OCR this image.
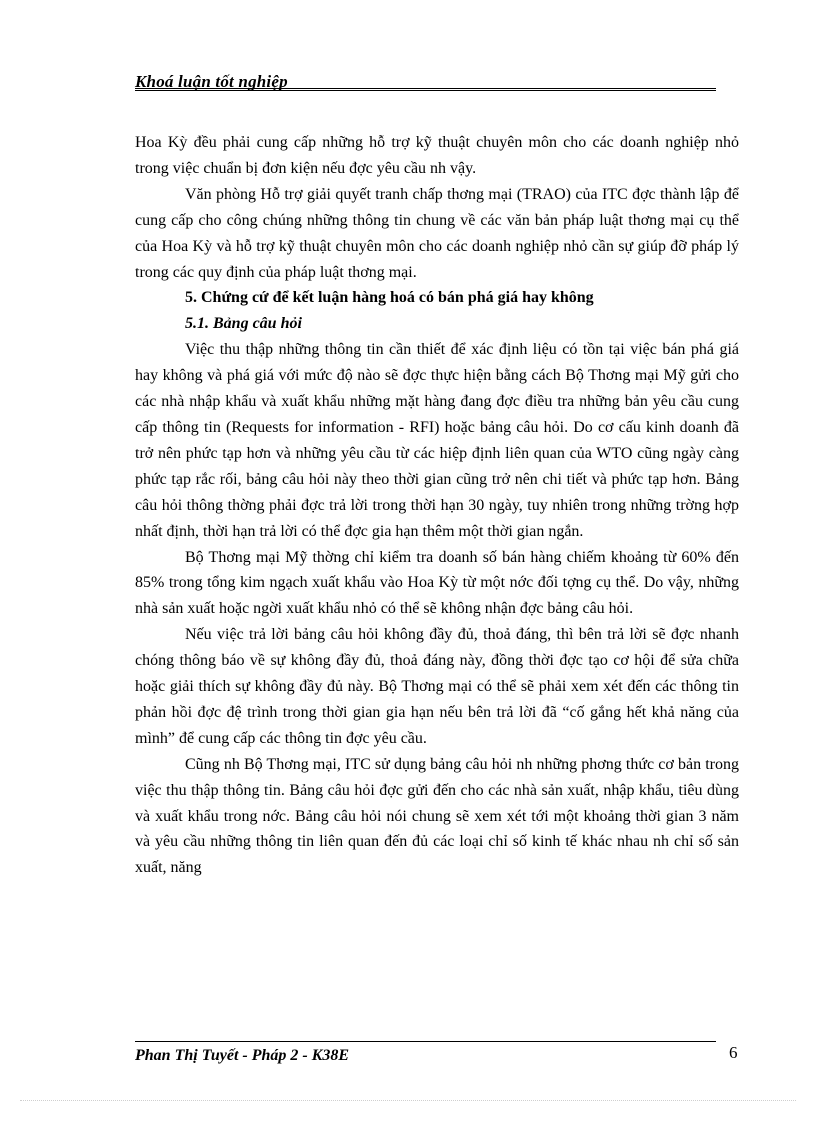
Khoá luận tốt nghiệp

Hoa Kỳ đều phải cung cấp những hỗ trợ kỹ thuật chuyên môn cho các doanh nghiệp nhỏ trong việc chuẩn bị đơn kiện nếu đợc yêu cầu nh vậy.

Văn phòng Hỗ trợ giải quyết tranh chấp thơng mại (TRAO) của ITC đợc thành lập để cung cấp cho công chúng những thông tin chung về các văn bản pháp luật thơng mại cụ thể của Hoa Kỳ và hỗ trợ kỹ thuật chuyên môn cho các doanh nghiệp nhỏ cần sự giúp đỡ pháp lý trong các quy định của pháp luật thơng mại.

5. Chứng cứ để kết luận hàng hoá có bán phá giá hay không

5.1. Bảng câu hỏi

Việc thu thập những thông tin cần thiết để xác định liệu có tồn tại việc bán phá giá hay không và phá giá với mức độ nào sẽ đợc thực hiện bằng cách Bộ Thơng mại Mỹ gửi cho các nhà nhập khẩu và xuất khẩu những mặt hàng đang đợc điều tra những bản yêu cầu cung cấp thông tin (Requests for information - RFI) hoặc bảng câu hỏi. Do cơ cấu kinh doanh đã trở nên phức tạp hơn và những yêu cầu từ các hiệp định liên quan của WTO cũng ngày càng phức tạp rắc rối, bảng câu hỏi này theo thời gian cũng trở nên chi tiết và phức tạp hơn. Bảng câu hỏi thông thờng phải đợc trả lời trong thời hạn 30 ngày, tuy nhiên trong những trờng hợp nhất định, thời hạn trả lời có thể đợc gia hạn thêm một thời gian ngắn.

Bộ Thơng mại Mỹ thờng chỉ kiểm tra doanh số bán hàng chiếm khoảng từ 60% đến 85% trong tổng kim ngạch xuất khẩu vào Hoa Kỳ từ một nớc đối tợng cụ thể. Do vậy, những nhà sản xuất hoặc ngời xuất khẩu nhỏ có thể sẽ không nhận đợc bảng câu hỏi.

Nếu việc trả lời bảng câu hỏi không đầy đủ, thoả đáng, thì bên trả lời sẽ đợc nhanh chóng thông báo về sự không đầy đủ, thoả đáng này, đồng thời đợc tạo cơ hội để sửa chữa hoặc giải thích sự không đầy đủ này. Bộ Thơng mại có thể sẽ phải xem xét đến các thông tin phản hồi đợc đệ trình trong thời gian gia hạn nếu bên trả lời đã “cố gắng hết khả năng của mình” để cung cấp các thông tin đợc yêu cầu.

Cũng nh Bộ Thơng mại, ITC sử dụng bảng câu hỏi nh những phơng thức cơ bản trong việc thu thập thông tin. Bảng câu hỏi đợc gửi đến cho các nhà sản xuất, nhập khẩu, tiêu dùng và xuất khẩu trong nớc. Bảng câu hỏi nói chung sẽ xem xét tới một khoảng thời gian 3 năm và yêu cầu những thông tin liên quan đến đủ các loại chỉ số kinh tế khác nhau nh chỉ số sản xuất, năng

Phan Thị Tuyết - Pháp 2 - K38E	6
